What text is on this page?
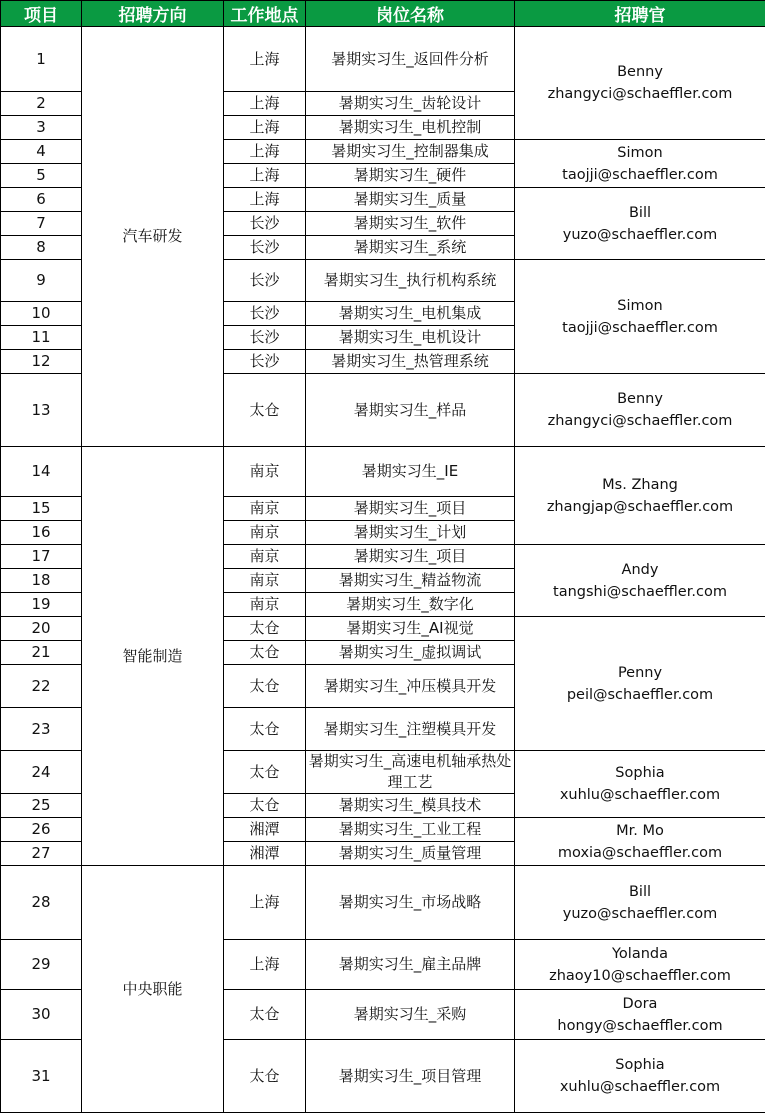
项目	招聘方向	工作地点	岗位名称	招聘官
1	汽车研发	上海	暑期实习生_返回件分析	Benny
zhangyci@schaeffler.com

2		上海	暑期实习生_齿轮设计	
3		上海	暑期实习生_电机控制	
4		上海	暑期实习生_控制器集成	Simon
taojji@schaeffler.com

5		上海	暑期实习生_硬件	
6		上海	暑期实习生_质量	Bill
yuzo@schaeffler.com

7		长沙	暑期实习生_软件	
8		长沙	暑期实习生_系统	
9		长沙	暑期实习生_执行机构系统	Simon
taojji@schaeffler.com

10		长沙	暑期实习生_电机集成	
11		长沙	暑期实习生_电机设计	
12		长沙	暑期实习生_热管理系统	
13		太仓	暑期实习生_样品	Benny
zhangyci@schaeffler.com

14	智能制造	南京	暑期实习生_IE	Ms. Zhang
zhangjap@schaeffler.com

15		南京	暑期实习生_项目	
16		南京	暑期实习生_计划	
17		南京	暑期实习生_项目	Andy
tangshi@schaeffler.com

18		南京	暑期实习生_精益物流	
19		南京	暑期实习生_数字化	
20		太仓	暑期实习生_AI视觉	Penny
peil@schaeffler.com

21		太仓	暑期实习生_虚拟调试	
22		太仓	暑期实习生_冲压模具开发	
23		太仓	暑期实习生_注塑模具开发	
24		太仓	暑期实习生_高速电机轴承热处理工艺	Sophia
xuhlu@schaeffler.com

25		太仓	暑期实习生_模具技术	
26		湘潭	暑期实习生_工业工程	Mr. Mo
moxia@schaeffler.com

27		湘潭	暑期实习生_质量管理	
28	中央职能	上海	暑期实习生_市场战略	Bill
yuzo@schaeffler.com

29		上海	暑期实习生_雇主品牌	Yolanda
zhaoy10@schaeffler.com

30		太仓	暑期实习生_采购	Dora
hongy@schaeffler.com

31		太仓	暑期实习生_项目管理	Sophia
xuhlu@schaeffler.com
